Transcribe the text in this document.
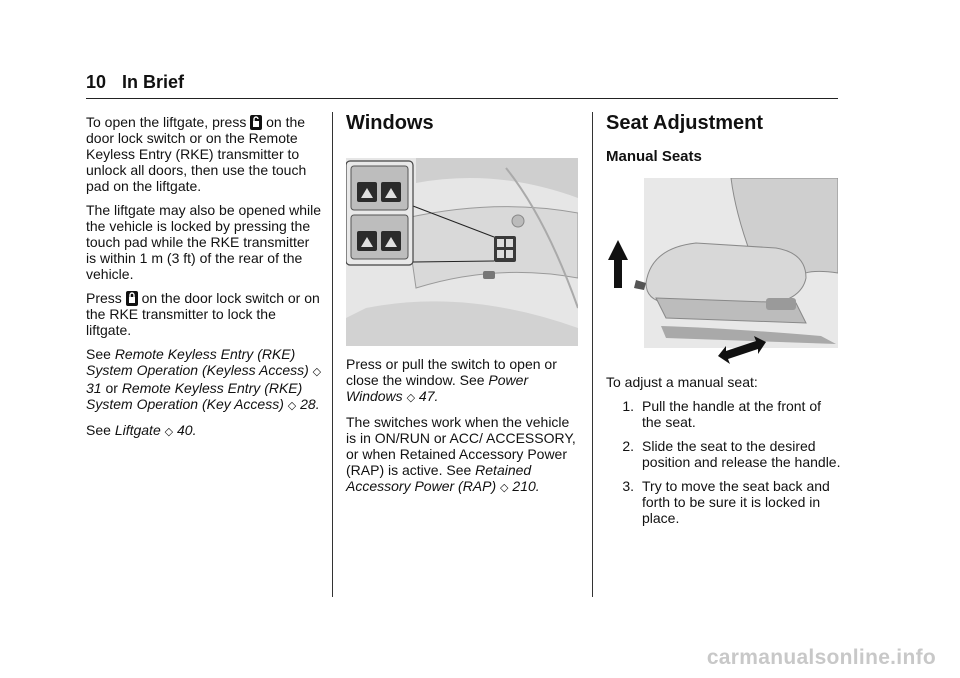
10 In Brief

To open the liftgate, press on the door lock switch or on the Remote Keyless Entry (RKE) transmitter to unlock all doors, then use the touch pad on the liftgate.

The liftgate may also be opened while the vehicle is locked by pressing the touch pad while the RKE transmitter is within 1 m (3 ft) of the rear of the vehicle.

Press on the door lock switch or on the RKE transmitter to lock the liftgate.

See Remote Keyless Entry (RKE) System Operation (Keyless Access) ◇ 31 or Remote Keyless Entry (RKE) System Operation (Key Access) ◇ 28.

See Liftgate ◇ 40.

Windows

Press or pull the switch to open or close the window. See Power Windows ◇ 47.

The switches work when the vehicle is in ON/RUN or ACC/ ACCESSORY, or when Retained Accessory Power (RAP) is active. See Retained Accessory Power (RAP) ◇ 210.

Seat Adjustment
Manual Seats

To adjust a manual seat:

1. Pull the handle at the front of the seat.
2. Slide the seat to the desired position and release the handle.
3. Try to move the seat back and forth to be sure it is locked in place.
carmanualsonline.info
